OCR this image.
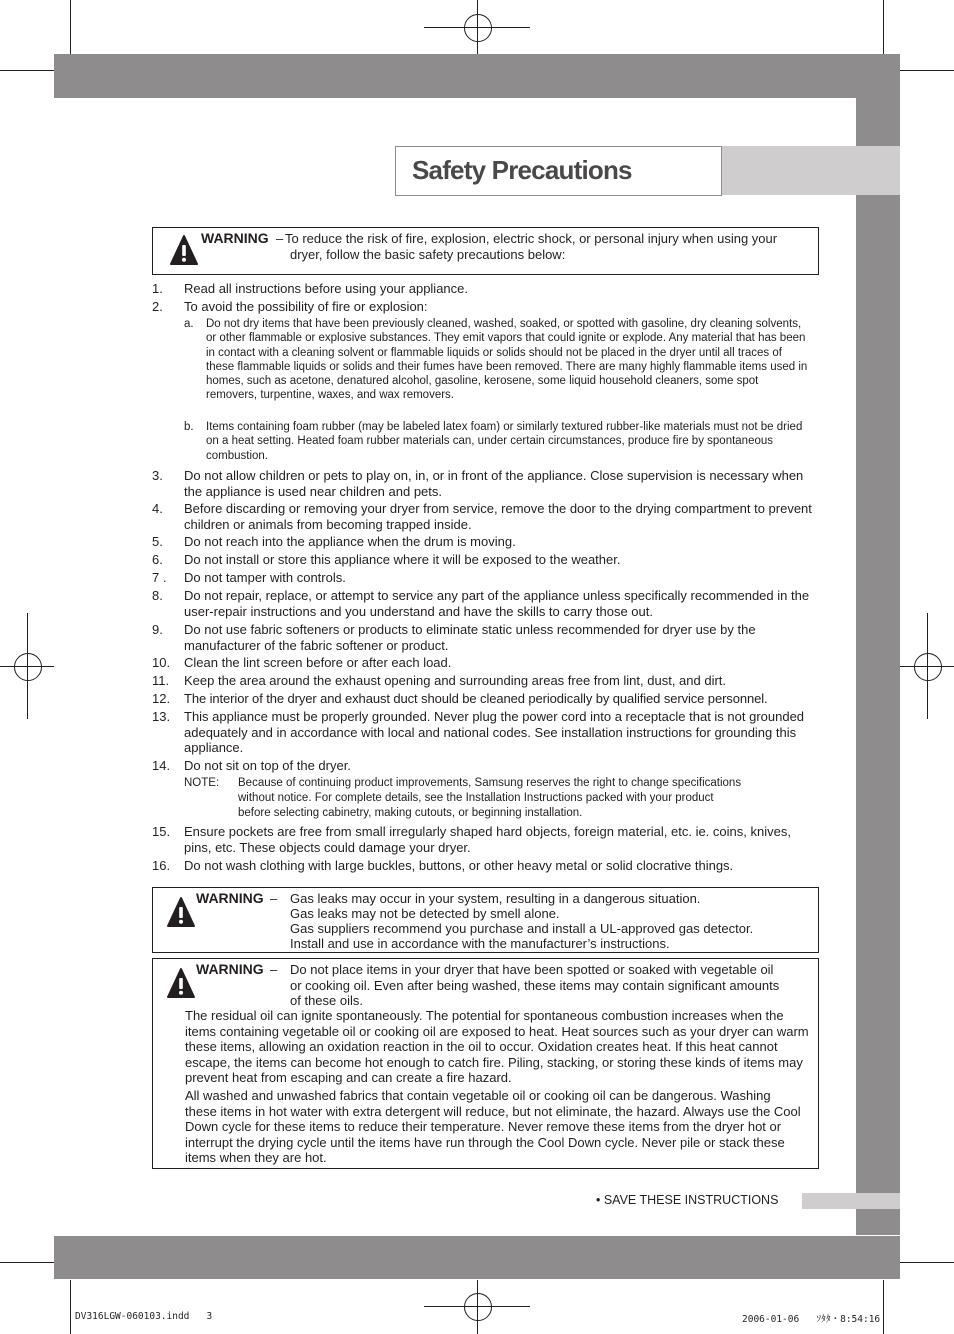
Safety Precautions
WARNING – To reduce the risk of fire, explosion, electric shock, or personal injury when using your
dryer, follow the basic safety precautions below:
1. Read all instructions before using your appliance.
2. To avoid the possibility of fire or explosion:
a. Do not dry items that have been previously cleaned, washed, soaked, or spotted with gasoline, dry cleaning solvents, or other flammable or explosive substances. They emit vapors that could ignite or explode. Any material that has been in contact with a cleaning solvent or flammable liquids or solids should not be placed in the dryer until all traces of these flammable liquids or solids and their fumes have been removed. There are many highly flammable items used in homes, such as acetone, denatured alcohol, gasoline, kerosene, some liquid household cleaners, some spot removers, turpentine, waxes, and wax removers.
b. Items containing foam rubber (may be labeled latex foam) or similarly textured rubber-like materials must not be dried on a heat setting. Heated foam rubber materials can, under certain circumstances, produce fire by spontaneous combustion.
3. Do not allow children or pets to play on, in, or in front of the appliance. Close supervision is necessary when the appliance is used near children and pets.
4. Before discarding or removing your dryer from service, remove the door to the drying compartment to prevent children or animals from becoming trapped inside.
5. Do not reach into the appliance when the drum is moving.
6. Do not install or store this appliance where it will be exposed to the weather.
7 . Do not tamper with controls.
8. Do not repair, replace, or attempt to service any part of the appliance unless specifically recommended in the user-repair instructions and you understand and have the skills to carry those out.
9. Do not use fabric softeners or products to eliminate static unless recommended for dryer use by the manufacturer of the fabric softener or product.
10. Clean the lint screen before or after each load.
11. Keep the area around the exhaust opening and surrounding areas free from lint, dust, and dirt.
12. The interior of the dryer and exhaust duct should be cleaned periodically by qualified service personnel.
13. This appliance must be properly grounded. Never plug the power cord into a receptacle that is not grounded adequately and in accordance with local and national codes. See installation instructions for grounding this appliance.
14. Do not sit on top of the dryer.
NOTE: Because of continuing product improvements, Samsung reserves the right to change specifications without notice. For complete details, see the Installation Instructions packed with your product before selecting cabinetry, making cutouts, or beginning installation.
15. Ensure pockets are free from small irregularly shaped hard objects, foreign material, etc. ie. coins, knives, pins, etc. These objects could damage your dryer.
16. Do not wash clothing with large buckles, buttons, or other heavy metal or solid clocrative things.
WARNING – Gas leaks may occur in your system, resulting in a dangerous situation.
Gas leaks may not be detected by smell alone.
Gas suppliers recommend you purchase and install a UL-approved gas detector.
Install and use in accordance with the manufacturer’s instructions.
WARNING – Do not place items in your dryer that have been spotted or soaked with vegetable oil or cooking oil. Even after being washed, these items may contain significant amounts of these oils.
The residual oil can ignite spontaneously. The potential for spontaneous combustion increases when the items containing vegetable oil or cooking oil are exposed to heat. Heat sources such as your dryer can warm these items, allowing an oxidation reaction in the oil to occur. Oxidation creates heat. If this heat cannot escape, the items can become hot enough to catch fire. Piling, stacking, or storing these kinds of items may prevent heat from escaping and can create a fire hazard.
All washed and unwashed fabrics that contain vegetable oil or cooking oil can be dangerous. Washing these items in hot water with extra detergent will reduce, but not eliminate, the hazard. Always use the Cool Down cycle for these items to reduce their temperature. Never remove these items from the dryer hot or interrupt the drying cycle until the items have run through the Cool Down cycle. Never pile or stack these items when they are hot.
• SAVE THESE INSTRUCTIONS
DV316LGW-060103.indd   3	2006-01-06   ｿﾀﾀ・8:54:16
